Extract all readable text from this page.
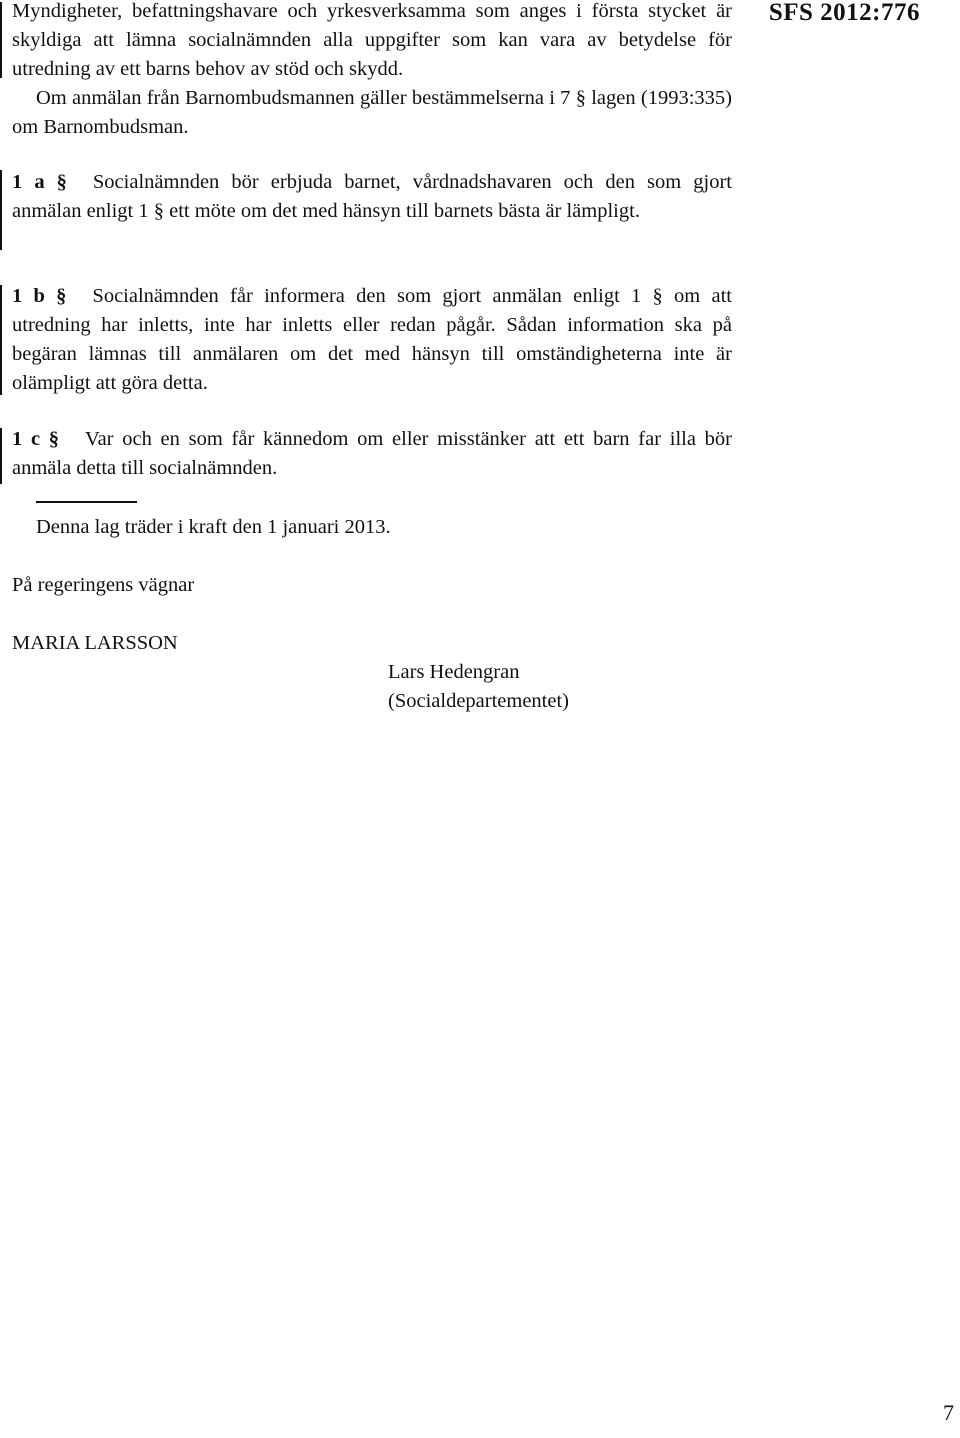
SFS 2012:776

Myndigheter, befattningshavare och yrkesverksamma som anges i första stycket är skyldiga att lämna socialnämnden alla uppgifter som kan vara av betydelse för utredning av ett barns behov av stöd och skydd.

Om anmälan från Barnombudsmannen gäller bestämmelserna i 7 § lagen (1993:335) om Barnombudsman.

1 a § Socialnämnden bör erbjuda barnet, vårdnadshavaren och den som gjort anmälan enligt 1 § ett möte om det med hänsyn till barnets bästa är lämpligt.

1 b § Socialnämnden får informera den som gjort anmälan enligt 1 § om att utredning har inletts, inte har inletts eller redan pågår. Sådan information ska på begäran lämnas till anmälaren om det med hänsyn till omständigheterna inte är olämpligt att göra detta.

1 c § Var och en som får kännedom om eller misstänker att ett barn far illa bör anmäla detta till socialnämnden.

Denna lag träder i kraft den 1 januari 2013.
På regeringens vägnar
MARIA LARSSON
Lars Hedengran
(Socialdepartementet)
7
